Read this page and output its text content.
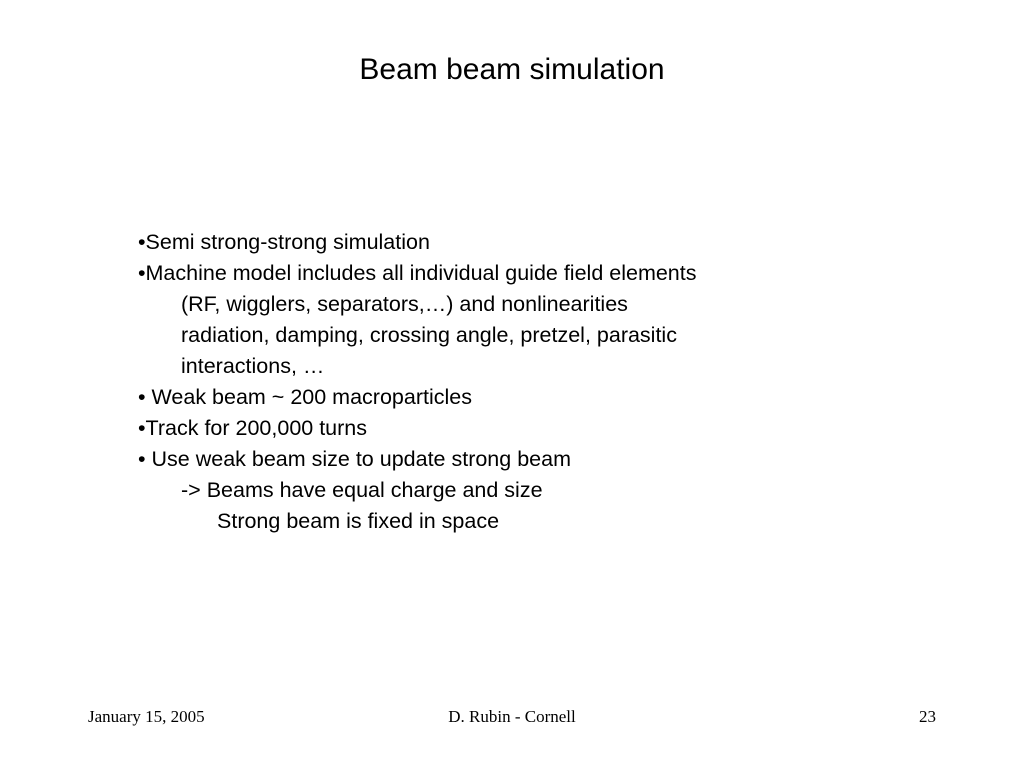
Beam beam simulation
•Semi strong-strong simulation
•Machine model includes all individual guide field elements
(RF, wigglers, separators,…) and nonlinearities
radiation, damping, crossing angle, pretzel, parasitic
interactions, …
• Weak beam ~ 200 macroparticles
•Track for 200,000 turns
• Use weak beam size to update strong beam
-> Beams have equal charge and size
Strong beam is fixed in space
January 15, 2005	D. Rubin - Cornell	23
